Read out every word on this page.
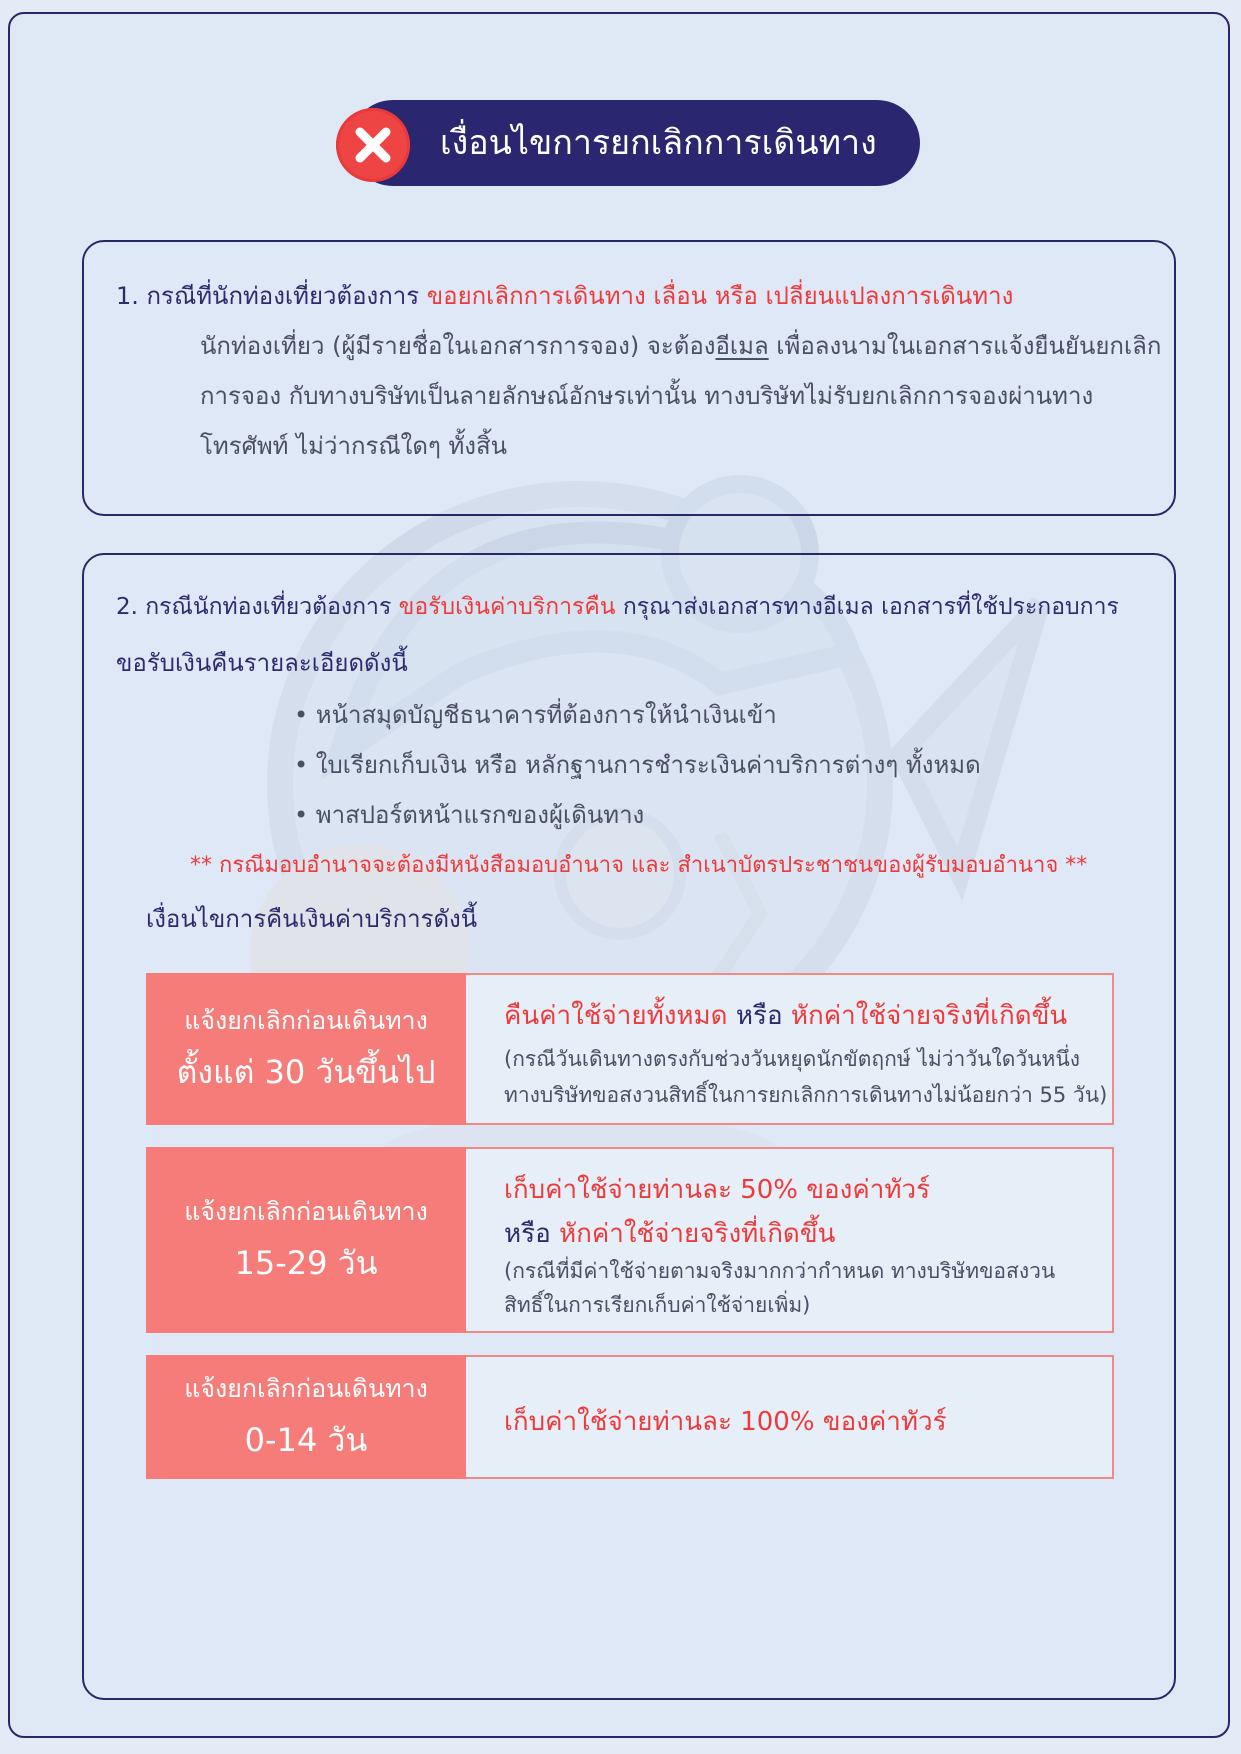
เงื่อนไขการยกเลิกการเดินทาง
1. กรณีที่นักท่องเที่ยวต้องการ ขอยกเลิกการเดินทาง เลื่อน หรือ เปลี่ยนแปลงการเดินทาง
นักท่องเที่ยว (ผู้มีรายชื่อในเอกสารการจอง) จะต้องอีเมล เพื่อลงนามในเอกสารแจ้งยืนยันยกเลิก
การจอง กับทางบริษัทเป็นลายลักษณ์อักษรเท่านั้น ทางบริษัทไม่รับยกเลิกการจองผ่านทาง
โทรศัพท์ ไม่ว่ากรณีใดๆ ทั้งสิ้น
2. กรณีนักท่องเที่ยวต้องการ ขอรับเงินค่าบริการคืน กรุณาส่งเอกสารทางอีเมล เอกสารที่ใช้ประกอบการ
ขอรับเงินคืนรายละเอียดดังนี้
• หน้าสมุดบัญชีธนาคารที่ต้องการให้นำเงินเข้า
• ใบเรียกเก็บเงิน หรือ หลักฐานการชำระเงินค่าบริการต่างๆ ทั้งหมด
• พาสปอร์ตหน้าแรกของผู้เดินทาง
** กรณีมอบอำนาจจะต้องมีหนังสือมอบอำนาจ และ สำเนาบัตรประชาชนของผู้รับมอบอำนาจ **
เงื่อนไขการคืนเงินค่าบริการดังนี้
แจ้งยกเลิกก่อนเดินทาง
ตั้งแต่ 30 วันขึ้นไป
คืนค่าใช้จ่ายทั้งหมด หรือ หักค่าใช้จ่ายจริงที่เกิดขึ้น
(กรณีวันเดินทางตรงกับช่วงวันหยุดนักขัตฤกษ์ ไม่ว่าวันใดวันหนึ่ง
ทางบริษัทขอสงวนสิทธิ์ในการยกเลิกการเดินทางไม่น้อยกว่า 55 วัน)
แจ้งยกเลิกก่อนเดินทาง
15-29 วัน
เก็บค่าใช้จ่ายท่านละ 50% ของค่าทัวร์
หรือ หักค่าใช้จ่ายจริงที่เกิดขึ้น
(กรณีที่มีค่าใช้จ่ายตามจริงมากกว่ากำหนด ทางบริษัทขอสงวน
สิทธิ์ในการเรียกเก็บค่าใช้จ่ายเพิ่ม)
แจ้งยกเลิกก่อนเดินทาง
0-14 วัน	เก็บค่าใช้จ่ายท่านละ 100% ของค่าทัวร์
